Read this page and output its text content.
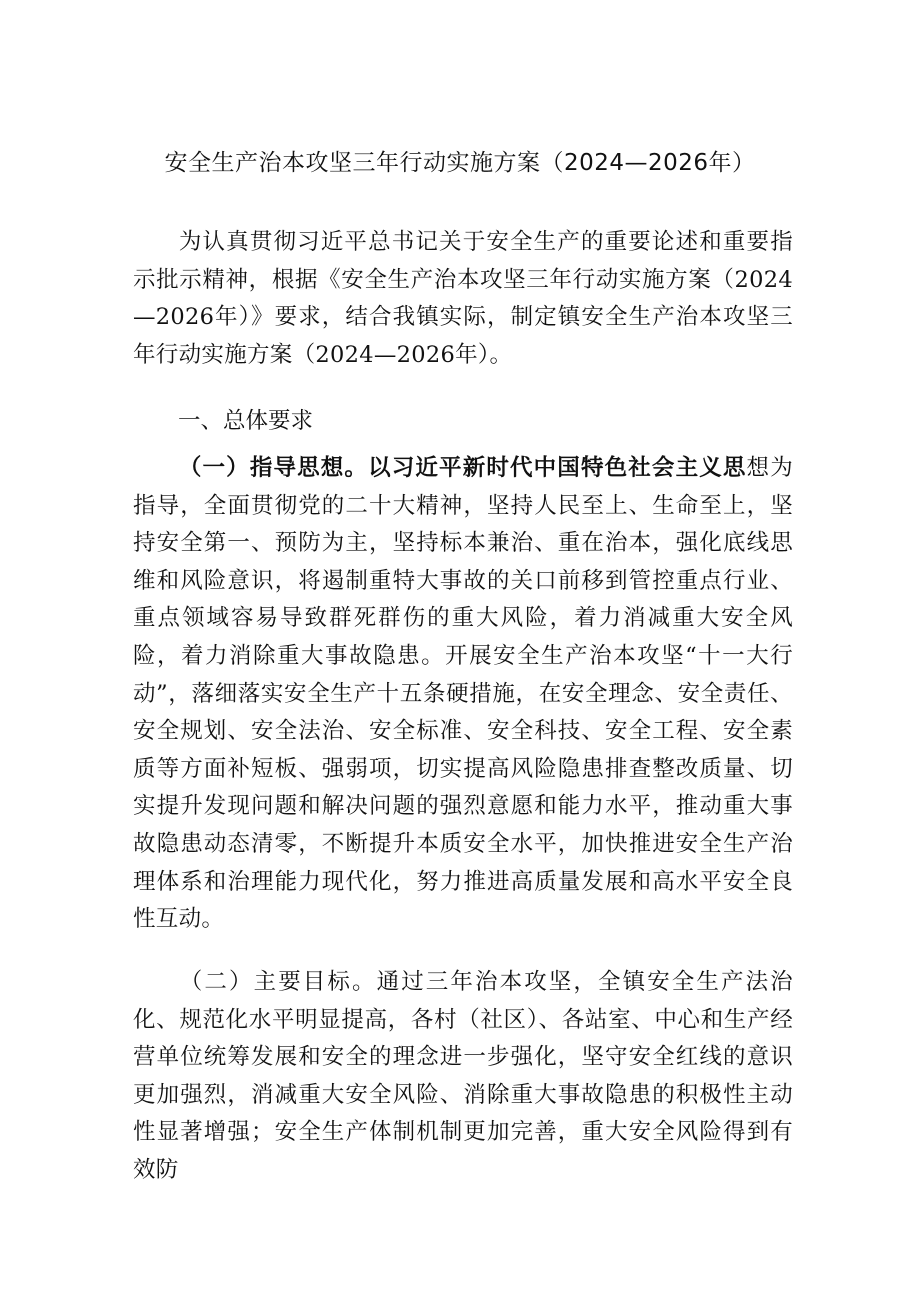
安全生产治本攻坚三年行动实施方案（2024—2026年）
为认真贯彻习近平总书记关于安全生产的重要论述和重要指示批示精神，根据《安全生产治本攻坚三年行动实施方案（2024—2026年）》要求，结合我镇实际，制定镇安全生产治本攻坚三年行动实施方案（2024—2026年）。
一、总体要求
（一）指导思想。以习近平新时代中国特色社会主义思想为指导，全面贯彻党的二十大精神，坚持人民至上、生命至上，坚持安全第一、预防为主，坚持标本兼治、重在治本，强化底线思维和风险意识，将遏制重特大事故的关口前移到管控重点行业、重点领域容易导致群死群伤的重大风险，着力消减重大安全风险，着力消除重大事故隐患。开展安全生产治本攻坚“十一大行动”，落细落实安全生产十五条硬措施，在安全理念、安全责任、安全规划、安全法治、安全标准、安全科技、安全工程、安全素质等方面补短板、强弱项，切实提高风险隐患排查整改质量、切实提升发现问题和解决问题的强烈意愿和能力水平，推动重大事故隐患动态清零，不断提升本质安全水平，加快推进安全生产治理体系和治理能力现代化，努力推进高质量发展和高水平安全良性互动。
（二）主要目标。通过三年治本攻坚，全镇安全生产法治化、规范化水平明显提高，各村（社区）、各站室、中心和生产经营单位统筹发展和安全的理念进一步强化，坚守安全红线的意识更加强烈，消减重大安全风险、消除重大事故隐患的积极性主动性显著增强；安全生产体制机制更加完善，重大安全风险得到有效防
